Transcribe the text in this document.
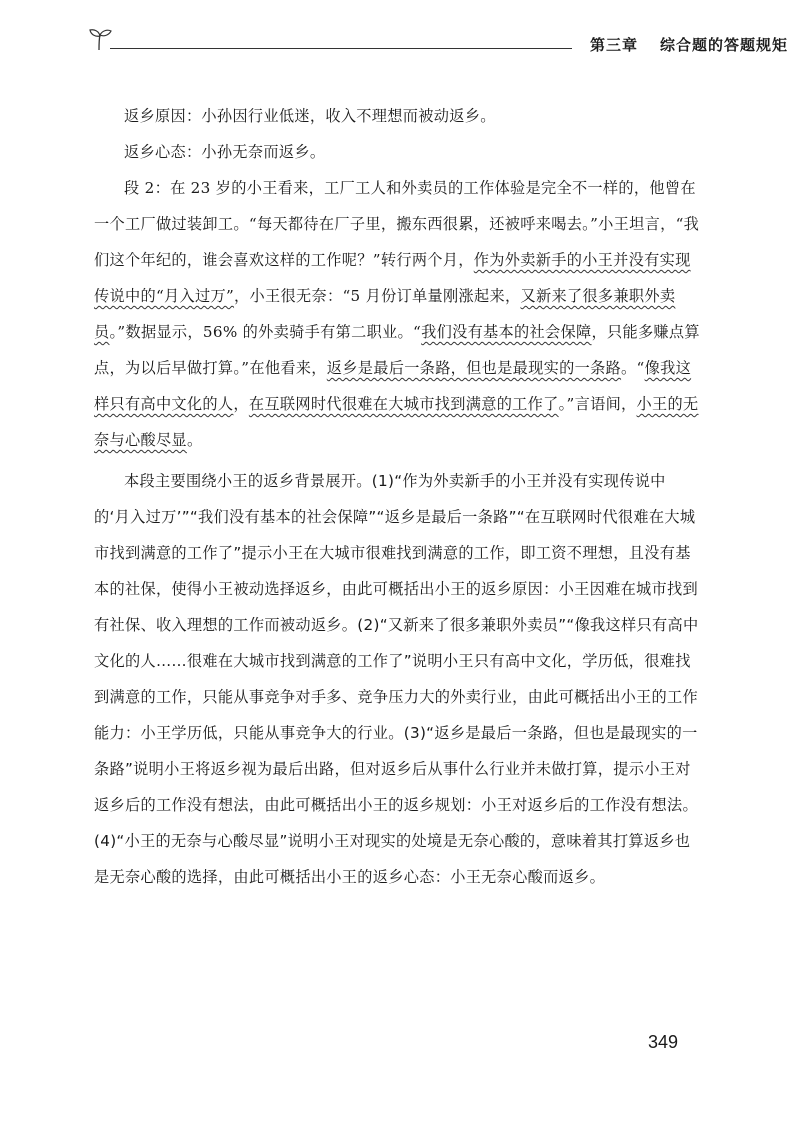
第三章 综合题的答题规矩

返乡原因：小孙因行业低迷，收入不理想而被动返乡。

返乡心态：小孙无奈而返乡。

段 2：在 23 岁的小王看来，工厂工人和外卖员的工作体验是完全不一样的，他曾在一个工厂做过装卸工。“每天都待在厂子里，搬东西很累，还被呼来喝去。”小王坦言，“我们这个年纪的，谁会喜欢这样的工作呢？”转行两个月，作为外卖新手的小王并没有实现传说中的“月入过万”，小王很无奈：“5 月份订单量刚涨起来，又新来了很多兼职外卖员。”数据显示，56% 的外卖骑手有第二职业。“我们没有基本的社会保障，只能多赚点算点，为以后早做打算。”在他看来，返乡是最后一条路，但也是最现实的一条路。“像我这样只有高中文化的人，在互联网时代很难在大城市找到满意的工作了。”言语间，小王的无奈与心酸尽显。

本段主要围绕小王的返乡背景展开。(1)“作为外卖新手的小王并没有实现传说中的‘月入过万’”“我们没有基本的社会保障”“返乡是最后一条路”“在互联网时代很难在大城市找到满意的工作了”提示小王在大城市很难找到满意的工作，即工资不理想，且没有基本的社保，使得小王被动选择返乡，由此可概括出小王的返乡原因：小王因难在城市找到有社保、收入理想的工作而被动返乡。(2)“又新来了很多兼职外卖员”“像我这样只有高中文化的人……很难在大城市找到满意的工作了”说明小王只有高中文化，学历低，很难找到满意的工作，只能从事竞争对手多、竞争压力大的外卖行业，由此可概括出小王的工作能力：小王学历低，只能从事竞争大的行业。(3)“返乡是最后一条路，但也是最现实的一条路”说明小王将返乡视为最后出路，但对返乡后从事什么行业并未做打算，提示小王对返乡后的工作没有想法，由此可概括出小王的返乡规划：小王对返乡后的工作没有想法。(4)“小王的无奈与心酸尽显”说明小王对现实的处境是无奈心酸的，意味着其打算返乡也是无奈心酸的选择，由此可概括出小王的返乡心态：小王无奈心酸而返乡。

349
